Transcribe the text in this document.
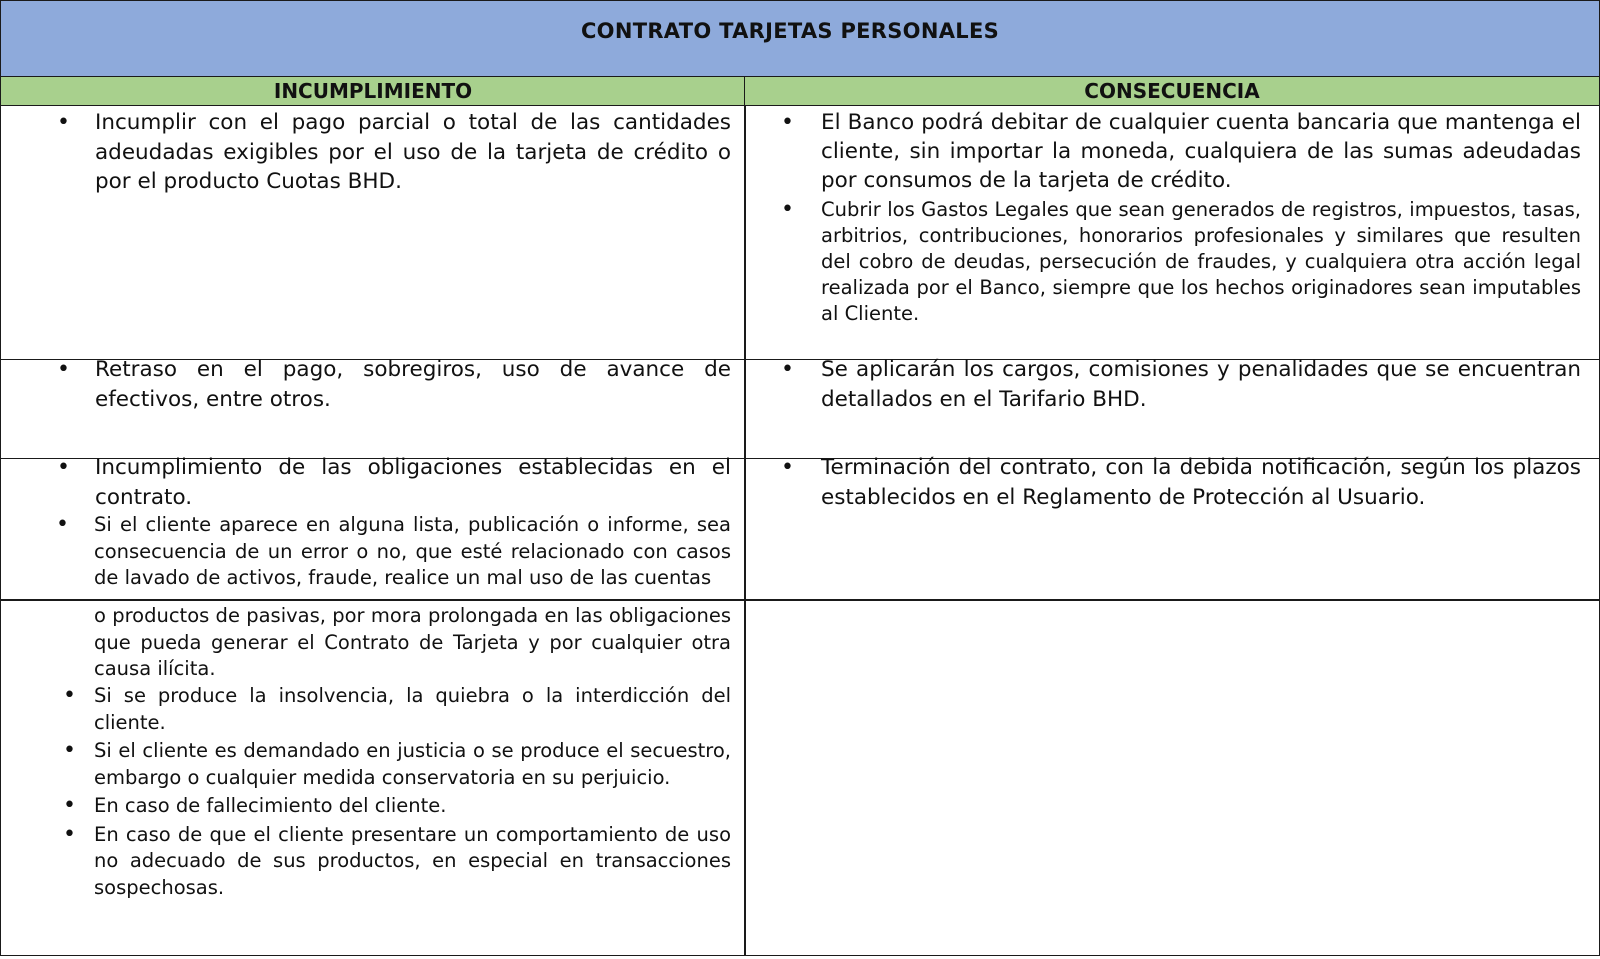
CONTRATO TARJETAS PERSONALES
INCUMPLIMIENTO	CONSECUENCIA
• Incumplir con el pago parcial o total de las cantidades adeudadas exigibles por el uso de la tarjeta de crédito o por el producto Cuotas BHD.
• El Banco podrá debitar de cualquier cuenta bancaria que mantenga el cliente, sin importar la moneda, cualquiera de las sumas adeudadas por consumos de la tarjeta de crédito.
• Cubrir los Gastos Legales que sean generados de registros, impuestos, tasas, arbitrios, contribuciones, honorarios profesionales y similares que resulten del cobro de deudas, persecución de fraudes, y cualquiera otra acción legal realizada por el Banco, siempre que los hechos originadores sean imputables al Cliente.
• Retraso en el pago, sobregiros, uso de avance de efectivos, entre otros.
• Se aplicarán los cargos, comisiones y penalidades que se encuentran detallados en el Tarifario BHD.
• Incumplimiento de las obligaciones establecidas en el contrato.
• Si el cliente aparece en alguna lista, publicación o informe, sea consecuencia de un error o no, que esté relacionado con casos de lavado de activos, fraude, realice un mal uso de las cuentas
• Terminación del contrato, con la debida notificación, según los plazos establecidos en el Reglamento de Protección al Usuario.
o productos de pasivas, por mora prolongada en las obligaciones que pueda generar el Contrato de Tarjeta y por cualquier otra causa ilícita.
• Si se produce la insolvencia, la quiebra o la interdicción del cliente.
• Si el cliente es demandado en justicia o se produce el secuestro, embargo o cualquier medida conservatoria en su perjuicio.
• En caso de fallecimiento del cliente.
• En caso de que el cliente presentare un comportamiento de uso no adecuado de sus productos, en especial en transacciones sospechosas.
